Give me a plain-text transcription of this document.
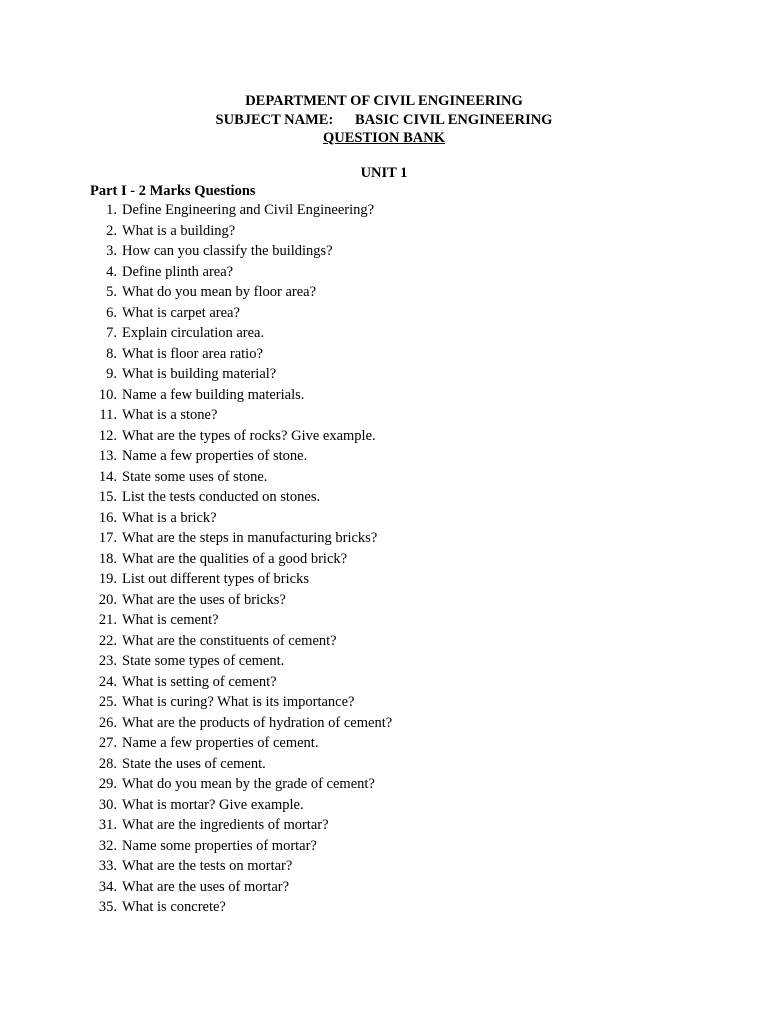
DEPARTMENT OF CIVIL ENGINEERING
SUBJECT NAME:      BASIC CIVIL ENGINEERING
QUESTION BANK
UNIT 1
Part I - 2 Marks Questions
1. Define Engineering and Civil Engineering?
2. What is a building?
3. How can you classify the buildings?
4. Define plinth area?
5. What do you mean by floor area?
6. What is carpet area?
7. Explain circulation area.
8. What is floor area ratio?
9. What is building material?
10. Name a few building materials.
11. What is a stone?
12. What are the types of rocks? Give example.
13. Name a few properties of stone.
14. State some uses of stone.
15. List the tests conducted on stones.
16. What is a brick?
17. What are the steps in manufacturing bricks?
18. What are the qualities of a good brick?
19. List out different types of bricks
20. What are the uses of bricks?
21. What is cement?
22. What are the constituents of cement?
23. State some types of cement.
24. What is setting of cement?
25. What is curing? What is its importance?
26. What are the products of hydration of cement?
27. Name a few properties of cement.
28. State the uses of cement.
29. What do you mean by the grade of cement?
30. What is mortar? Give example.
31. What are the ingredients of mortar?
32. Name some properties of mortar?
33. What are the tests on mortar?
34. What are the uses of mortar?
35. What is concrete?
